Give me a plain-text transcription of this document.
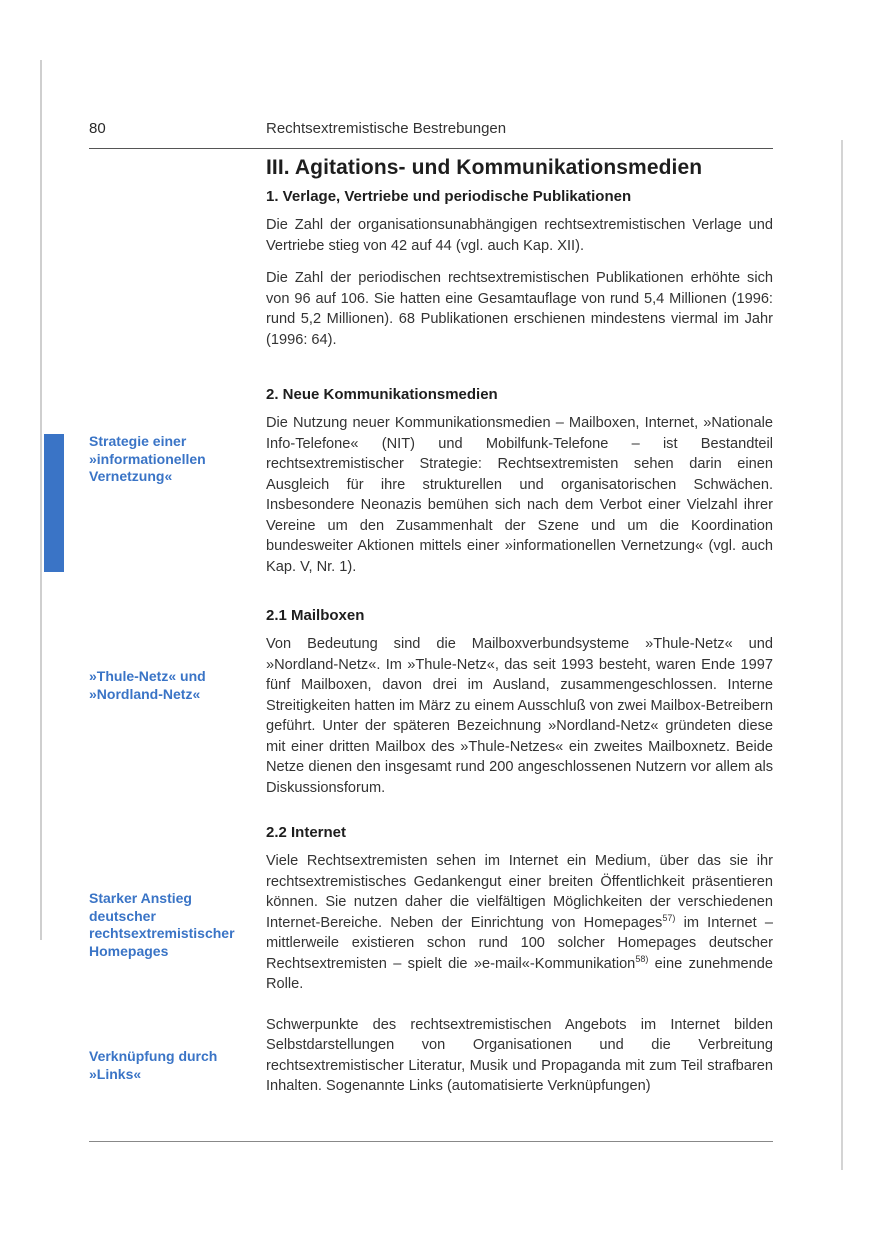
80	Rechtsextremistische Bestrebungen
Strategie einer »informationellen Vernetzung«
»Thule-Netz« und »Nordland-Netz«
Starker Anstieg deutscher rechtsextremistischer Homepages
Verknüpfung durch »Links«
III. Agitations- und Kommunikationsmedien
1. Verlage, Vertriebe und periodische Publikationen

Die Zahl der organisationsunabhängigen rechtsextremistischen Verlage und Vertriebe stieg von 42 auf 44 (vgl. auch Kap. XII).

Die Zahl der periodischen rechtsextremistischen Publikationen erhöhte sich von 96 auf 106. Sie hatten eine Gesamtauflage von rund 5,4 Millionen (1996: rund 5,2 Millionen). 68 Publikationen erschienen mindestens viermal im Jahr (1996: 64).

2. Neue Kommunikationsmedien

Die Nutzung neuer Kommunikationsmedien – Mailboxen, Internet, »Nationale Info-Telefone« (NIT) und Mobilfunk-Telefone – ist Bestandteil rechtsextremistischer Strategie: Rechtsextremisten sehen darin einen Ausgleich für ihre strukturellen und organisatorischen Schwächen. Insbesondere Neonazis bemühen sich nach dem Verbot einer Vielzahl ihrer Vereine um den Zusammenhalt der Szene und um die Koordination bundesweiter Aktionen mittels einer »informationellen Vernetzung« (vgl. auch Kap. V, Nr. 1).

2.1 Mailboxen

Von Bedeutung sind die Mailboxverbundsysteme »Thule-Netz« und »Nordland-Netz«. Im »Thule-Netz«, das seit 1993 besteht, waren Ende 1997 fünf Mailboxen, davon drei im Ausland, zusammengeschlossen. Interne Streitigkeiten hatten im März zu einem Ausschluß von zwei Mailbox-Betreibern geführt. Unter der späteren Bezeichnung »Nordland-Netz« gründeten diese mit einer dritten Mailbox des »Thule-Netzes« ein zweites Mailboxnetz. Beide Netze dienen den insgesamt rund 200 angeschlossenen Nutzern vor allem als Diskussionsforum.

2.2 Internet

Viele Rechtsextremisten sehen im Internet ein Medium, über das sie ihr rechtsextremistisches Gedankengut einer breiten Öffentlichkeit präsentieren können. Sie nutzen daher die vielfältigen Möglichkeiten der verschiedenen Internet-Bereiche. Neben der Einrichtung von Homepages$^{57)}$ im Internet – mittlerweile existieren schon rund 100 solcher Homepages deutscher Rechtsextremisten – spielt die »e-mail«-Kommunikation$^{58)}$ eine zunehmende Rolle.

Schwerpunkte des rechtsextremistischen Angebots im Internet bilden Selbstdarstellungen von Organisationen und die Verbreitung rechtsextremistischer Literatur, Musik und Propaganda mit zum Teil strafbaren Inhalten. Sogenannte Links (automatisierte Verknüpfungen)
